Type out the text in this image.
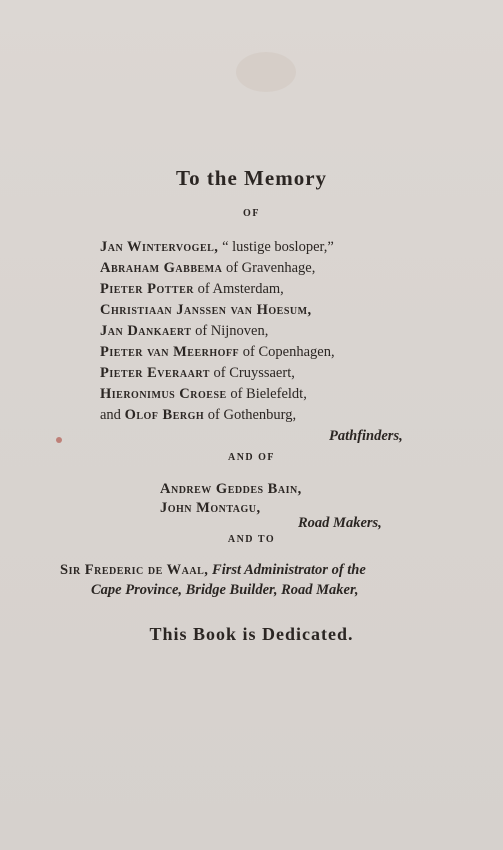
To the Memory
OF
Jan Wintervogel, “ lustige bosloper,”
Abraham Gabbema of Gravenhage,
Pieter Potter of Amsterdam,
Christiaan Janssen van Hoesum,
Jan Dankaert of Nijnoven,
Pieter van Meerhoff of Copenhagen,
Pieter Everaart of Cruyssaert,
Hieronimus Croese of Bielefeldt,
and Olof Bergh of Gothenburg,
Pathfinders,
AND OF
Andrew Geddes Bain,
John Montagu,
Road Makers,
AND TO
Sir Frederic de Waal, First Administrator of the
Cape Province, Bridge Builder, Road Maker,
This Book is Dedicated.
